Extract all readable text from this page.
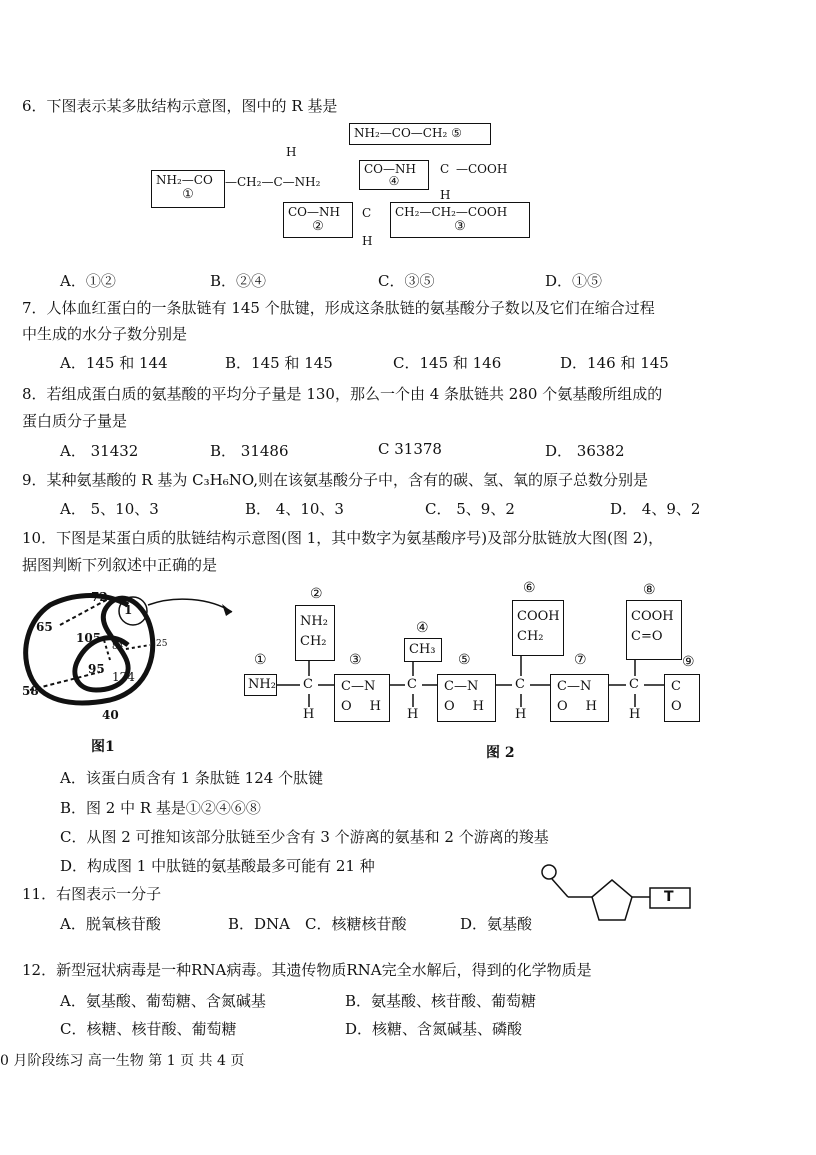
6．下图表示某多肽结构示意图，图中的 R 基是
NH₂—CO—CH₂ ⑤
NH₂—CO
①
—CH₂—C—NH₂
H
CO—NH
②
C
H
CO—NH
④
C —COOH
H
CH₂—CH₂—COOH
③
A．①②	B．②④	C．③⑤	D．①⑤
7．人体血红蛋白的一条肽链有 145 个肽键，形成这条肽链的氨基酸分子数以及它们在缩合过程
中生成的水分子数分别是
A．145 和 144	B．145 和 145	C．145 和 146	D．146 和 145
8．若组成蛋白质的氨基酸的平均分子量是 130，那么一个由 4 条肽链共 280 个氨基酸所组成的
蛋白质分子量是
A． 31432	B． 31486	C 31378	D． 36382
9．某种氨基酸的 R 基为 C₃H₆NO,则在该氨基酸分子中，含有的碳、氢、氧的原子总数分别是
A． 5、10、3	B． 4、10、3	C． 5、9、2	D． 4、9、2
10．下图是某蛋白质的肽链结构示意图(图 1，其中数字为氨基酸序号)及部分肽链放大图(图 2)，
据图判断下列叙述中正确的是
72
1
65
105
84	25
95
124
58
40
图1
①
NH₂
②
NH₂
CH₂
C
H
③
C—N
OH
④
CH₃
C
H
⑤
C—N
OH
⑥
COOH
CH₂
C
H
⑦
C—N
OH
⑧
COOH
C=O
C
H
⑨
C
O
图 2
A．该蛋白质含有 1 条肽链 124 个肽键
B．图 2 中 R 基是①②④⑥⑧
C．从图 2 可推知该部分肽链至少含有 3 个游离的氨基和 2 个游离的羧基
D．构成图 1 中肽链的氨基酸最多可能有 21 种
11．右图表示一分子	T
A．脱氧核苷酸	B．DNA C．核糖核苷酸	D．氨基酸
12．新型冠状病毒是一种RNA病毒。其遗传物质RNA完全水解后，得到的化学物质是
A．氨基酸、葡萄糖、含氮碱基	B．氨基酸、核苷酸、葡萄糖
C．核糖、核苷酸、葡萄糖	D．核糖、含氮碱基、磷酸
0 月阶段练习 高一生物 第 1 页 共 4 页
